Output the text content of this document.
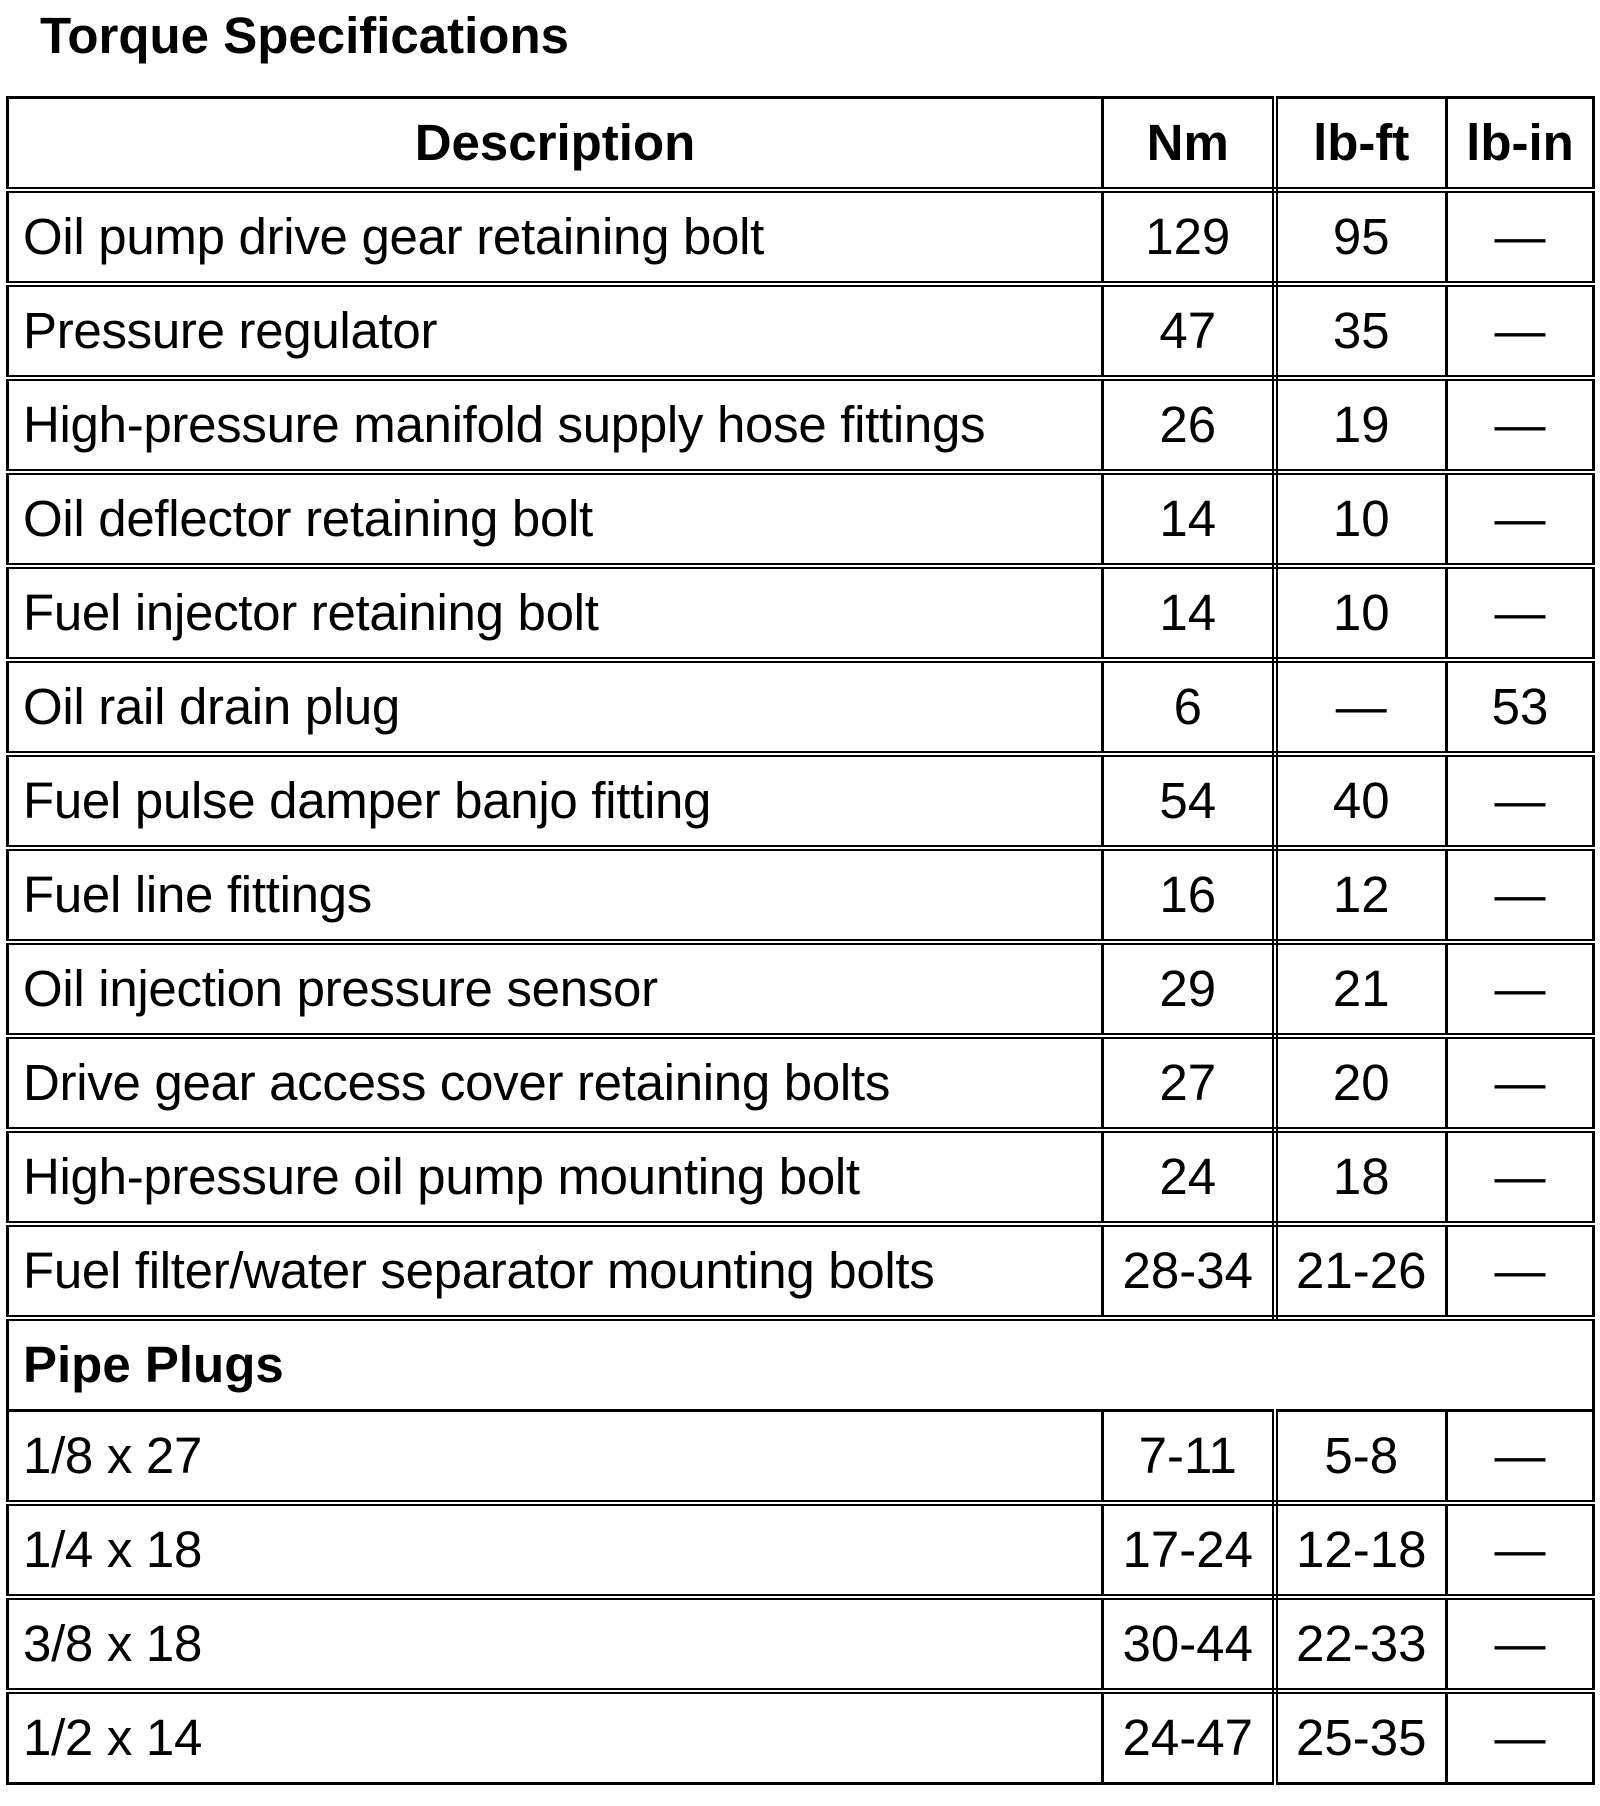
Torque Specifications
Description	Nm	lb-ft	lb-in
Oil pump drive gear retaining bolt	129	95	—
Pressure regulator	47	35	—
High-pressure manifold supply hose fittings	26	19	—
Oil deflector retaining bolt	14	10	—
Fuel injector retaining bolt	14	10	—
Oil rail drain plug	6	—	53
Fuel pulse damper banjo fitting	54	40	—
Fuel line fittings	16	12	—
Oil injection pressure sensor	29	21	—
Drive gear access cover retaining bolts	27	20	—
High-pressure oil pump mounting bolt	24	18	—
Fuel filter/water separator mounting bolts	28-34	21-26	—
Pipe Plugs			
1/8 x 27	7-11	5-8	—
1/4 x 18	17-24	12-18	—
3/8 x 18	30-44	22-33	—
1/2 x 14	24-47	25-35	—
